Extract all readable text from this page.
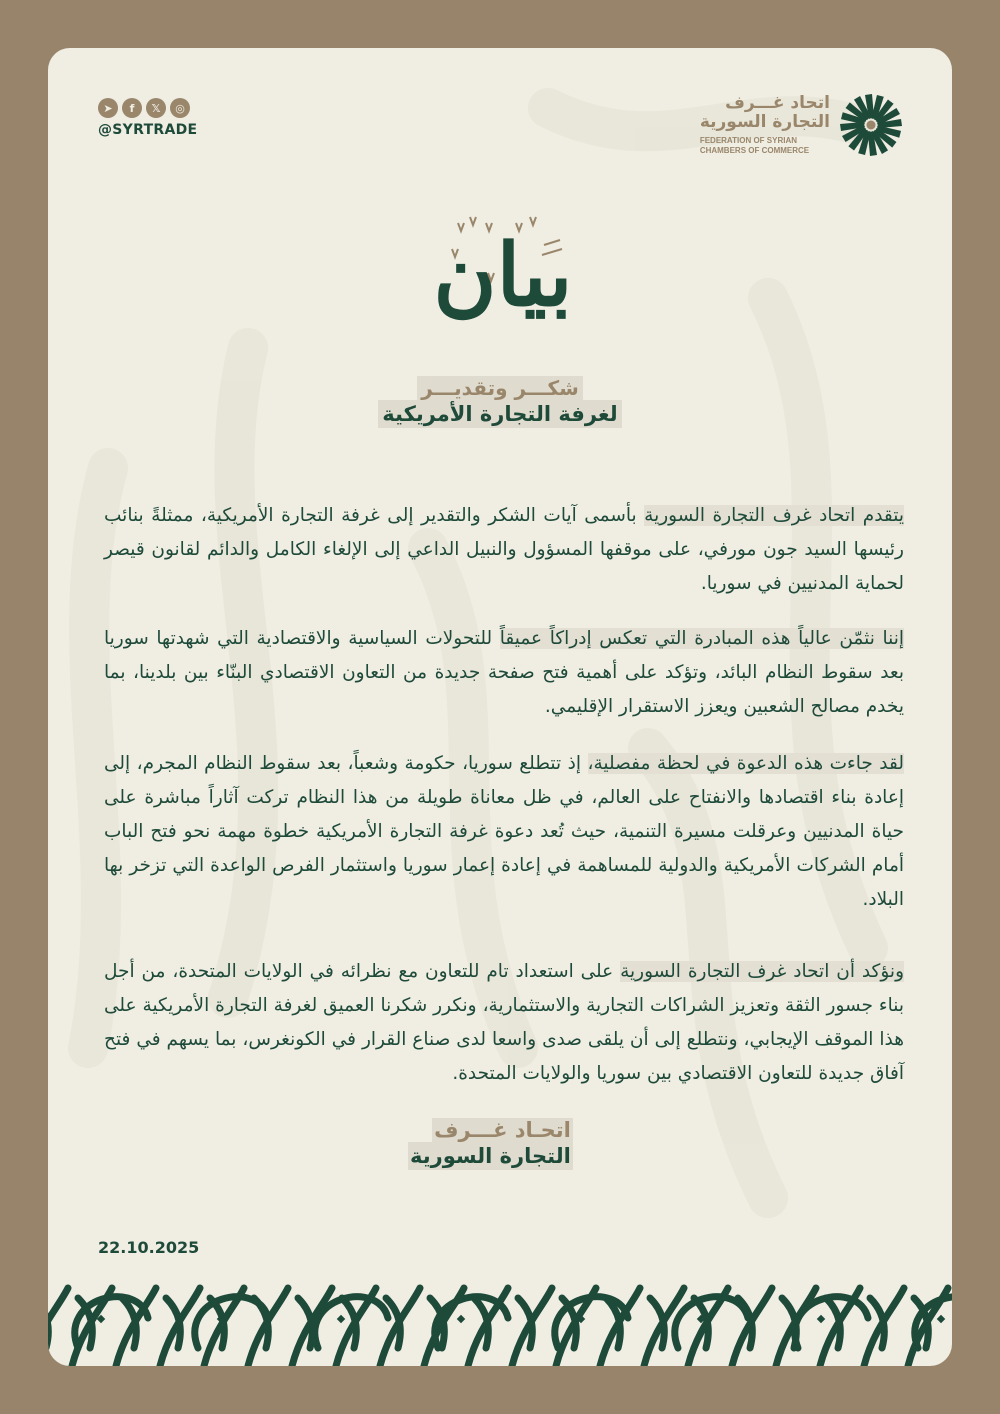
➤	f	𝕏	◎
@SYRTRADE
اتحاد غـــرف
التجارة السورية
FEDERATION OF SYRIAN
CHAMBERS OF COMMERCE
بيان
شكـــر وتقديـــر
لغرفة التجارة الأمريكية

يتقدم اتحاد غرف التجارة السورية بأسمى آيات الشكر والتقدير إلى غرفة التجارة الأمريكية، ممثلةً بنائب رئيسها السيد جون مورفي، على موقفها المسؤول والنبيل الداعي إلى الإلغاء الكامل والدائم لقانون قيصر لحماية المدنيين في سوريا.

إننا نثمّن عالياً هذه المبادرة التي تعكس إدراكاً عميقاً للتحولات السياسية والاقتصادية التي شهدتها سوريا بعد سقوط النظام البائد، وتؤكد على أهمية فتح صفحة جديدة من التعاون الاقتصادي البنّاء بين بلدينا، بما يخدم مصالح الشعبين ويعزز الاستقرار الإقليمي.

لقد جاءت هذه الدعوة في لحظة مفصلية، إذ تتطلع سوريا، حكومة وشعباً، بعد سقوط النظام المجرم، إلى إعادة بناء اقتصادها والانفتاح على العالم، في ظل معاناة طويلة من هذا النظام تركت آثاراً مباشرة على حياة المدنيين وعرقلت مسيرة التنمية، حيث تُعد دعوة غرفة التجارة الأمريكية خطوة مهمة نحو فتح الباب أمام الشركات الأمريكية والدولية للمساهمة في إعادة إعمار سوريا واستثمار الفرص الواعدة التي تزخر بها البلاد.

ونؤكد أن اتحاد غرف التجارة السورية على استعداد تام للتعاون مع نظرائه في الولايات المتحدة، من أجل بناء جسور الثقة وتعزيز الشراكات التجارية والاستثمارية، ونكرر شكرنا العميق لغرفة التجارة الأمريكية على هذا الموقف الإيجابي، ونتطلع إلى أن يلقى صدى واسعا لدى صناع القرار في الكونغرس، بما يسهم في فتح آفاق جديدة للتعاون الاقتصادي بين سوريا والولايات المتحدة.

اتحـاد غـــرف
التجارة السورية
22.10.2025
